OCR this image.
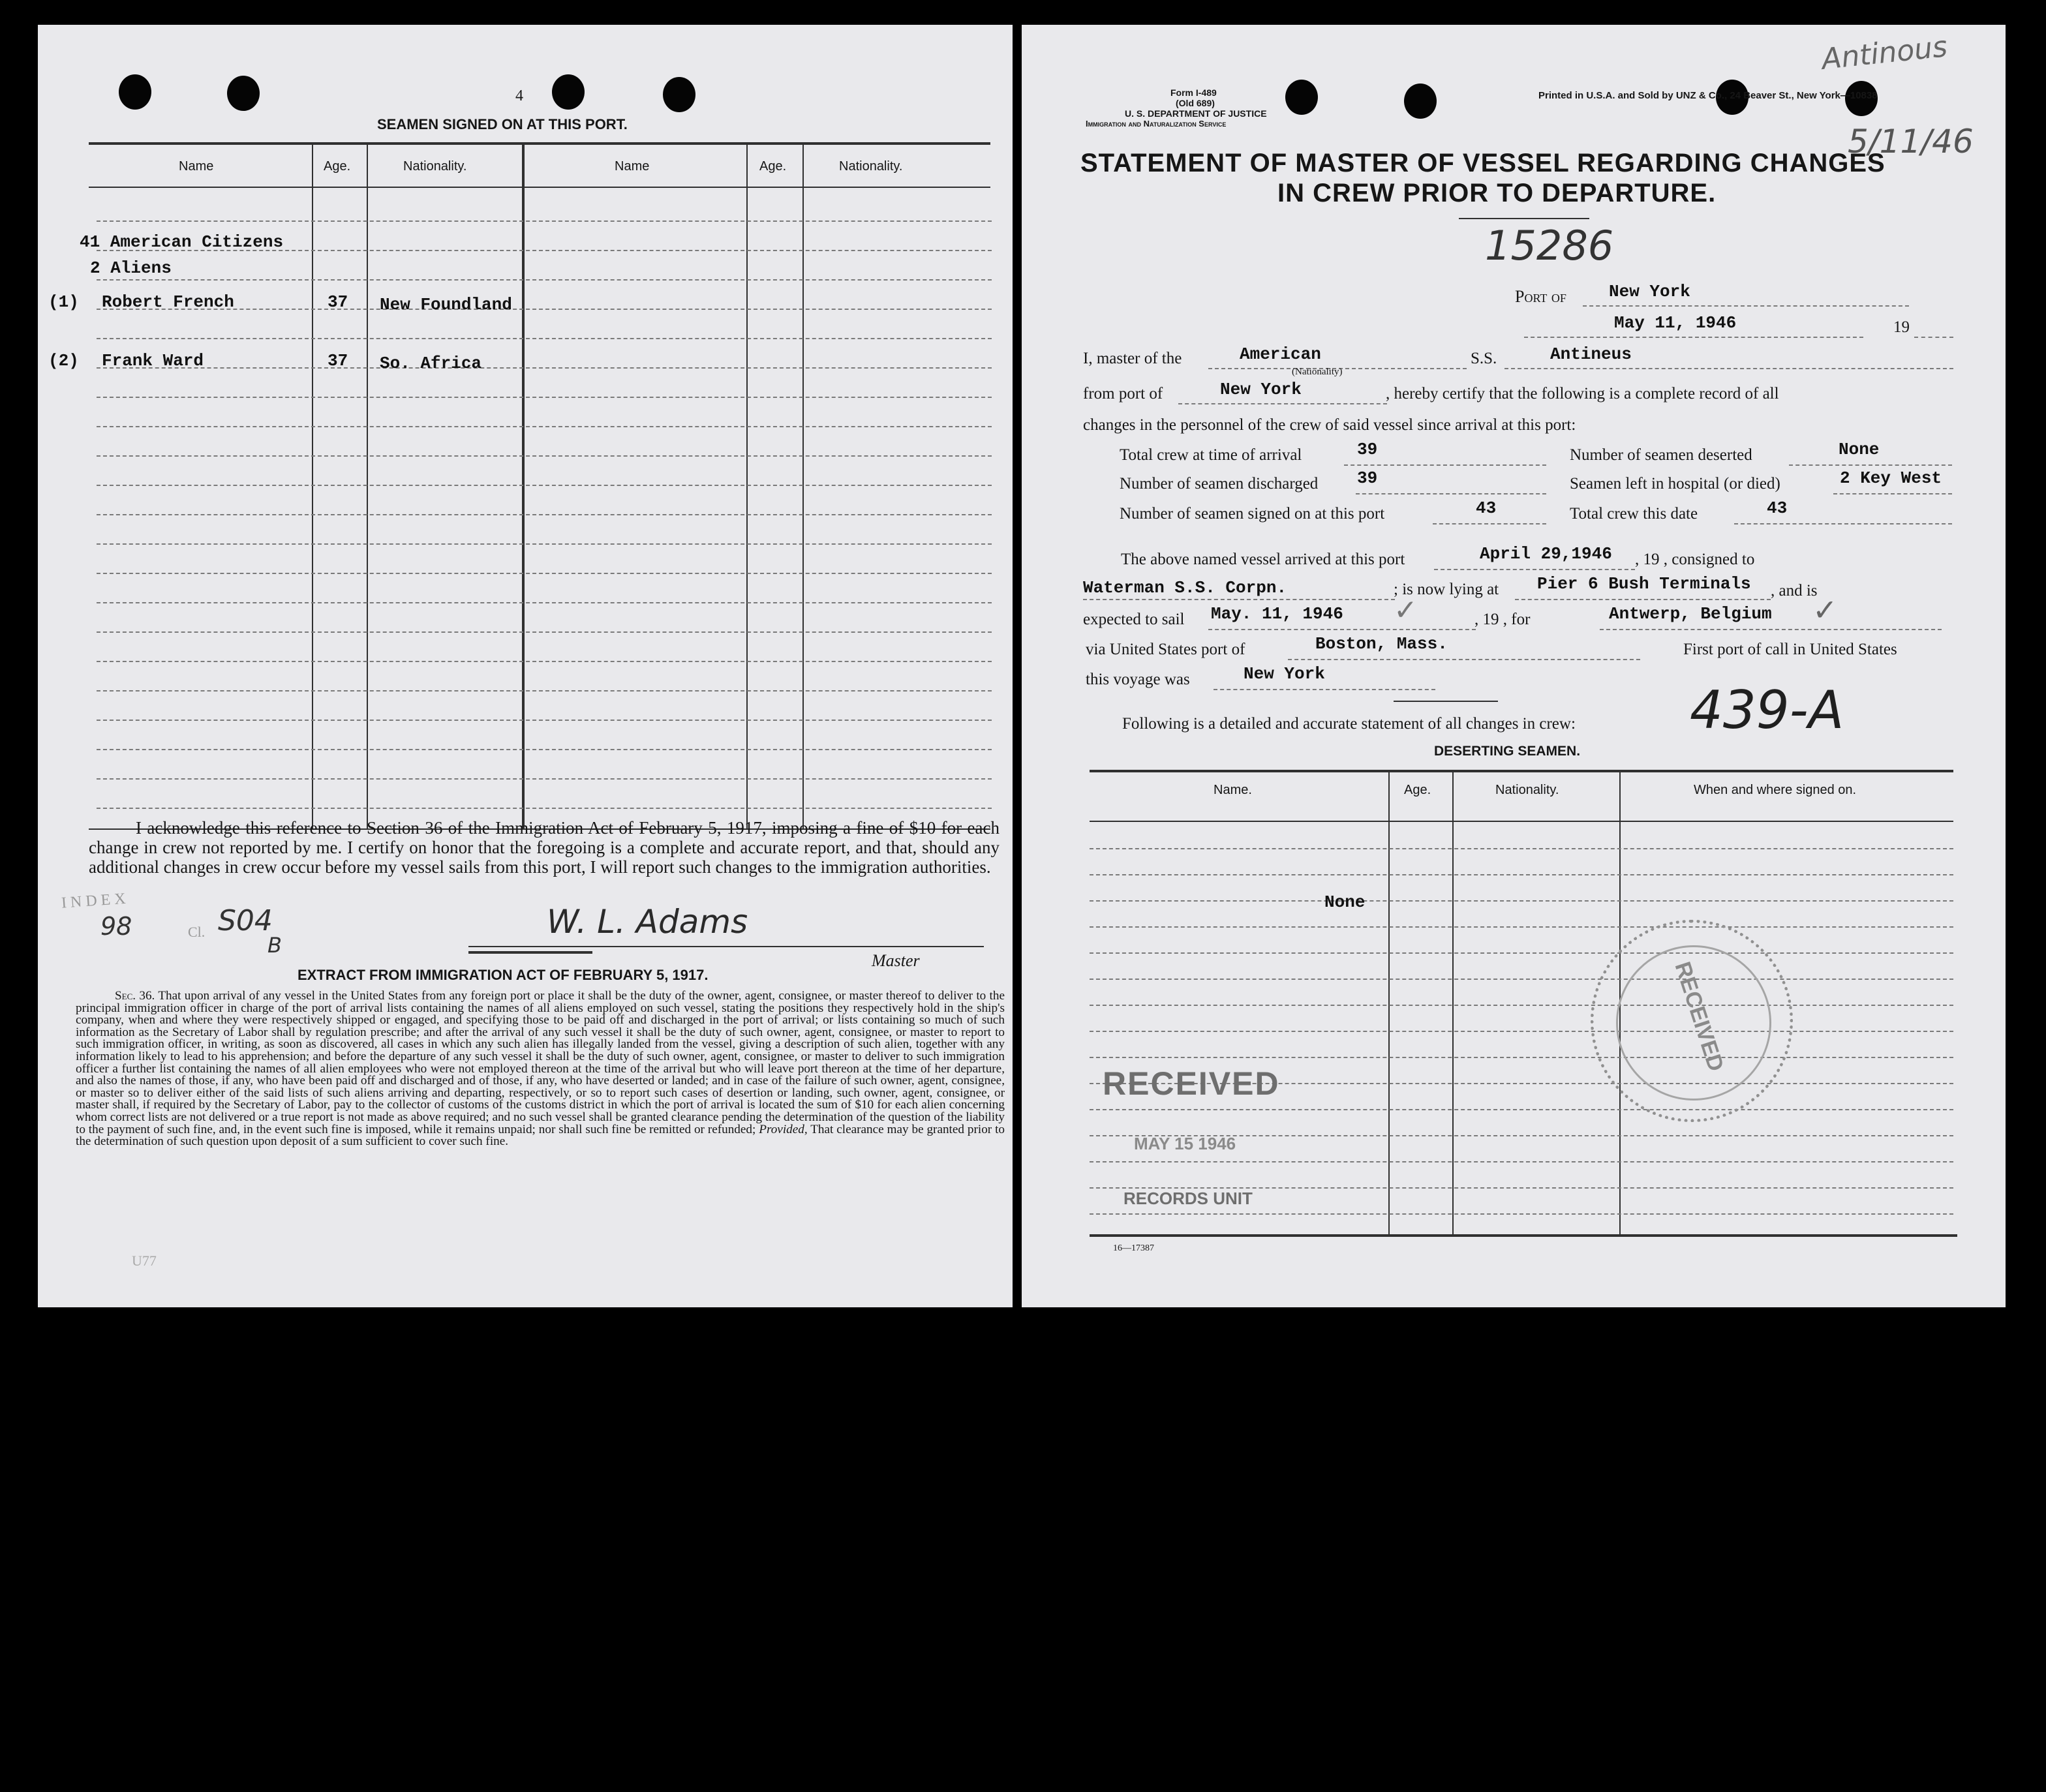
4
SEAMEN SIGNED ON AT THIS PORT.
Name	Age.	Nationality.	Name	Age.	Nationality.
41 American Citizens
2 Aliens
(1) Robert French	37 New Foundland
(2) Frank Ward	37 So. Africa
I acknowledge this reference to Section 36 of the Immigration Act of February 5, 1917, imposing a fine of $10 for each change in crew not reported by me. I certify on honor that the foregoing is a complete and accurate report, and that, should any additional changes in crew occur before my vessel sails from this port, I will report such changes to the immigration authorities.
INDEX
98	Cl. S04
B
W. L. Adams
Master
EXTRACT FROM IMMIGRATION ACT OF FEBRUARY 5, 1917.
Sec. 36. That upon arrival of any vessel in the United States from any foreign port or place it shall be the duty of the owner, agent, consignee, or master thereof to deliver to the principal immigration officer in charge of the port of arrival lists containing the names of all aliens employed on such vessel, stating the positions they respectively hold in the ship's company, when and where they were respectively shipped or engaged, and specifying those to be paid off and discharged in the port of arrival; or lists containing so much of such information as the Secretary of Labor shall by regulation prescribe; and after the arrival of any such vessel it shall be the duty of such owner, agent, consignee, or master to report to such immigration officer, in writing, as soon as discovered, all cases in which any such alien has illegally landed from the vessel, giving a description of such alien, together with any information likely to lead to his apprehension; and before the departure of any such vessel it shall be the duty of such owner, agent, consignee, or master to deliver to such immigration officer a further list containing the names of all alien employees who were not employed thereon at the time of the arrival but who will leave port thereon at the time of her departure, and also the names of those, if any, who have been paid off and discharged and of those, if any, who have deserted or landed; and in case of the failure of such owner, agent, consignee, or master so to deliver either of the said lists of such aliens arriving and departing, respectively, or so to report such cases of desertion or landing, such owner, agent, consignee, or master shall, if required by the Secretary of Labor, pay to the collector of customs of the customs district in which the port of arrival is located the sum of $10 for each alien concerning whom correct lists are not delivered or a true report is not made as above required; and no such vessel shall be granted clearance pending the determination of the question of the liability to the payment of such fine, and, in the event such fine is imposed, while it remains unpaid; nor shall such fine be remitted or refunded; Provided, That clearance may be granted prior to the determination of such question upon deposit of a sum sufficient to cover such fine.
U77
Form I-489
(Old 689)
U. S. DEPARTMENT OF JUSTICE
Immigration and Naturalization Service
Printed in U.S.A. and Sold by UNZ & Co., 24 Beaver St., New York—10838
Antinous
5/11/46
STATEMENT OF MASTER OF VESSEL REGARDING CHANGES
IN CREW PRIOR TO DEPARTURE.
15286
Port of	New York
May 11, 1946	19
I, master of the	American
(Nationality)
S.S.	Antineus
from port of	New York	, hereby certify that the following is a complete record of all
changes in the personnel of the crew of said vessel since arrival at this port:
Total crew at time of arrival	39	Number of seamen deserted	None
Number of seamen discharged 39	Seamen left in hospital (or died)	2 Key West
Number of seamen signed on at this port	43	Total crew this date	43
The above named vessel arrived at this port	April 29,1946 , 19 , consigned to
Waterman S.S. Corpn.	; is now lying at Pier 6 Bush Terminals , and is
expected to sail May. 11, 1946 ✓	, 19 , for	Antwerp, Belgium ✓
via United States port of	Boston, Mass.	First port of call in United States
this voyage was	New York
Following is a detailed and accurate statement of all changes in crew: 439-A
DESERTING SEAMEN.
Name.	Age.	Nationality.	When and where signed on.
None
RECEIVED
MAY 15 1946
RECORDS UNIT
RECEIVED
16—17387
